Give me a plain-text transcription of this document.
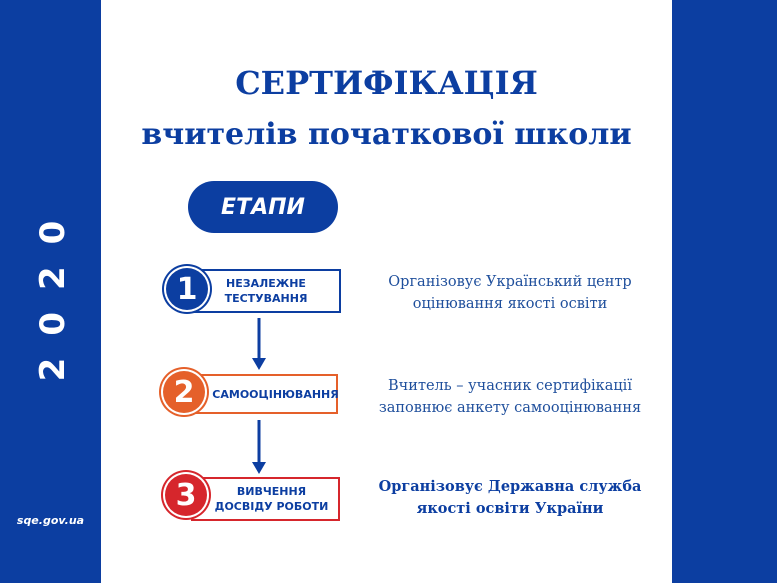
2020
sqe.gov.ua
СЕРТИФІКАЦІЯ
вчителів початкової школи
ЕТАПИ
НЕЗАЛЕЖНЕ
ТЕСТУВАННЯ
1
САМООЦІНЮВАННЯ
2
ВИВЧЕННЯ
ДОСВІДУ РОБОТИ
3
Організовує Український центр
оцінювання якості освіти
Вчитель – учасник сертифікації
заповнює анкету самооцінювання
Організовує Державна служба
якості освіти України
